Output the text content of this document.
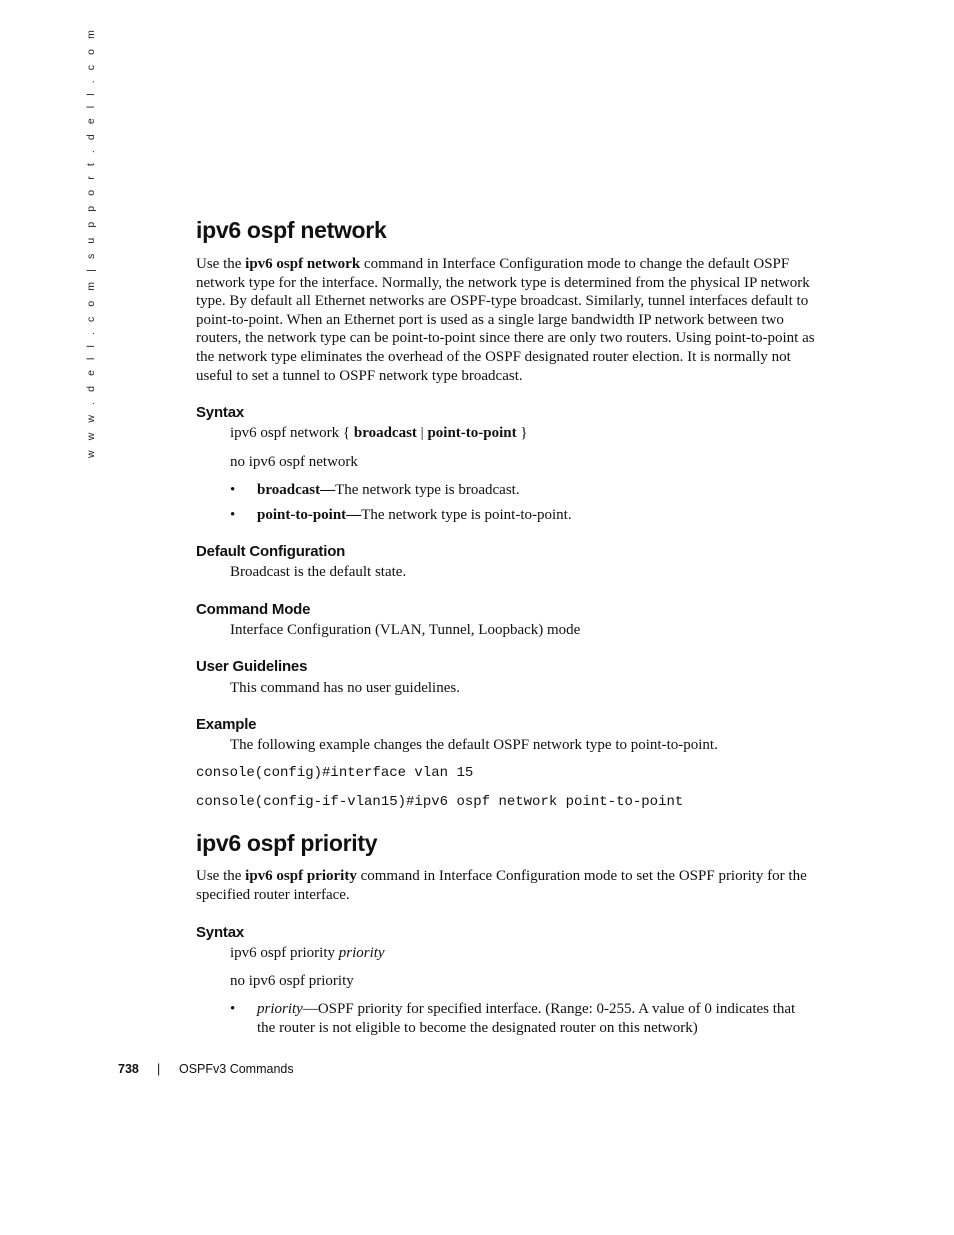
w w w . d e l l . c o m | s u p p o r t . d e l l . c o m	ipv6 ospf network

Use the ipv6 ospf network command in Interface Configuration mode to change the default OSPF network type for the interface. Normally, the network type is determined from the physical IP network type. By default all Ethernet networks are OSPF-type broadcast. Similarly, tunnel interfaces default to point-to-point. When an Ethernet port is used as a single large bandwidth IP network between two routers, the network type can be point-to-point since there are only two routers. Using point-to-point as the network type eliminates the overhead of the OSPF designated router election. It is normally not useful to set a tunnel to OSPF network type broadcast.

Syntax

ipv6 ospf network { broadcast | point-to-point }

no ipv6 ospf network

• broadcast—The network type is broadcast.
• point-to-point—The network type is point-to-point.
Default Configuration

Broadcast is the default state.

Command Mode

Interface Configuration (VLAN, Tunnel, Loopback) mode

User Guidelines

This command has no user guidelines.

Example

The following example changes the default OSPF network type to point-to-point.

console(config)#interface vlan 15
console(config-if-vlan15)#ipv6 ospf network point-to-point
ipv6 ospf priority

Use the ipv6 ospf priority command in Interface Configuration mode to set the OSPF priority for the specified router interface.

Syntax

ipv6 ospf priority priority

no ipv6 ospf priority

• priority—OSPF priority for specified interface. (Range: 0-255. A value of 0 indicates that the router is not eligible to become the designated router on this network)
738 | OSPFv3 Commands
